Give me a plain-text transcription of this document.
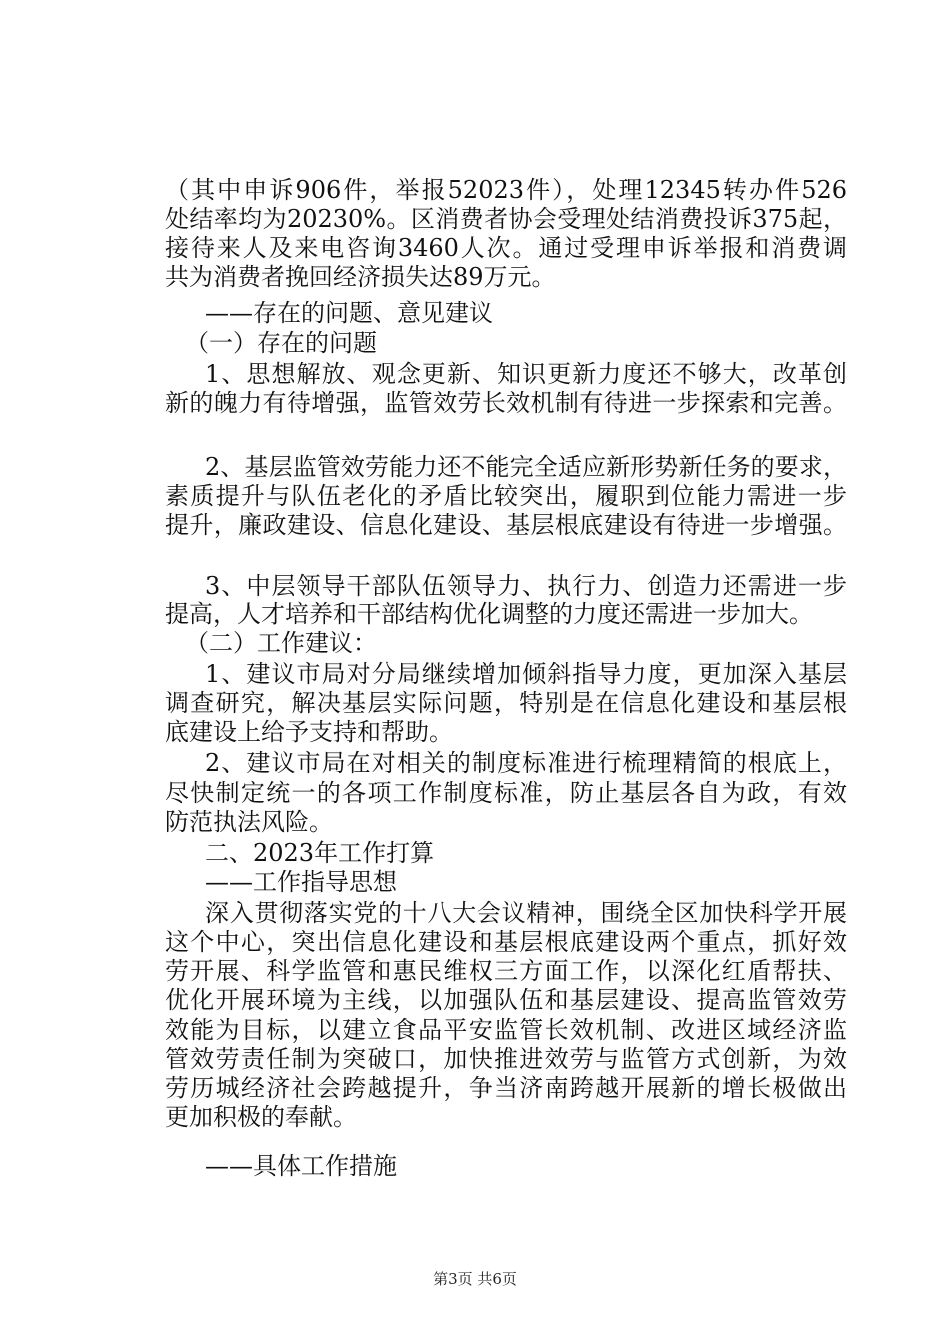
（其中申诉906件，举报52023件），处理12345转办件526
处结率均为20230%。区消费者协会受理处结消费投诉375起，
接待来人及来电咨询3460人次。通过受理申诉举报和消费调
共为消费者挽回经济损失达89万元。
——存在的问题、意见建议
（一）存在的问题
1、思想解放、观念更新、知识更新力度还不够大，改革创
新的魄力有待增强，监管效劳长效机制有待进一步探索和完善。
2、基层监管效劳能力还不能完全适应新形势新任务的要求，
素质提升与队伍老化的矛盾比较突出，履职到位能力需进一步
提升，廉政建设、信息化建设、基层根底建设有待进一步增强。
3、中层领导干部队伍领导力、执行力、创造力还需进一步
提高，人才培养和干部结构优化调整的力度还需进一步加大。
（二）工作建议：
1、建议市局对分局继续增加倾斜指导力度，更加深入基层
调查研究，解决基层实际问题，特别是在信息化建设和基层根
底建设上给予支持和帮助。
2、建议市局在对相关的制度标准进行梳理精简的根底上，
尽快制定统一的各项工作制度标准，防止基层各自为政，有效
防范执法风险。
二、2023年工作打算
——工作指导思想
深入贯彻落实党的十八大会议精神，围绕全区加快科学开展
这个中心，突出信息化建设和基层根底建设两个重点，抓好效
劳开展、科学监管和惠民维权三方面工作，以深化红盾帮扶、
优化开展环境为主线，以加强队伍和基层建设、提高监管效劳
效能为目标，以建立食品平安监管长效机制、改进区域经济监
管效劳责任制为突破口，加快推进效劳与监管方式创新，为效
劳历城经济社会跨越提升，争当济南跨越开展新的增长极做出
更加积极的奉献。
——具体工作措施
第3页 共6页
